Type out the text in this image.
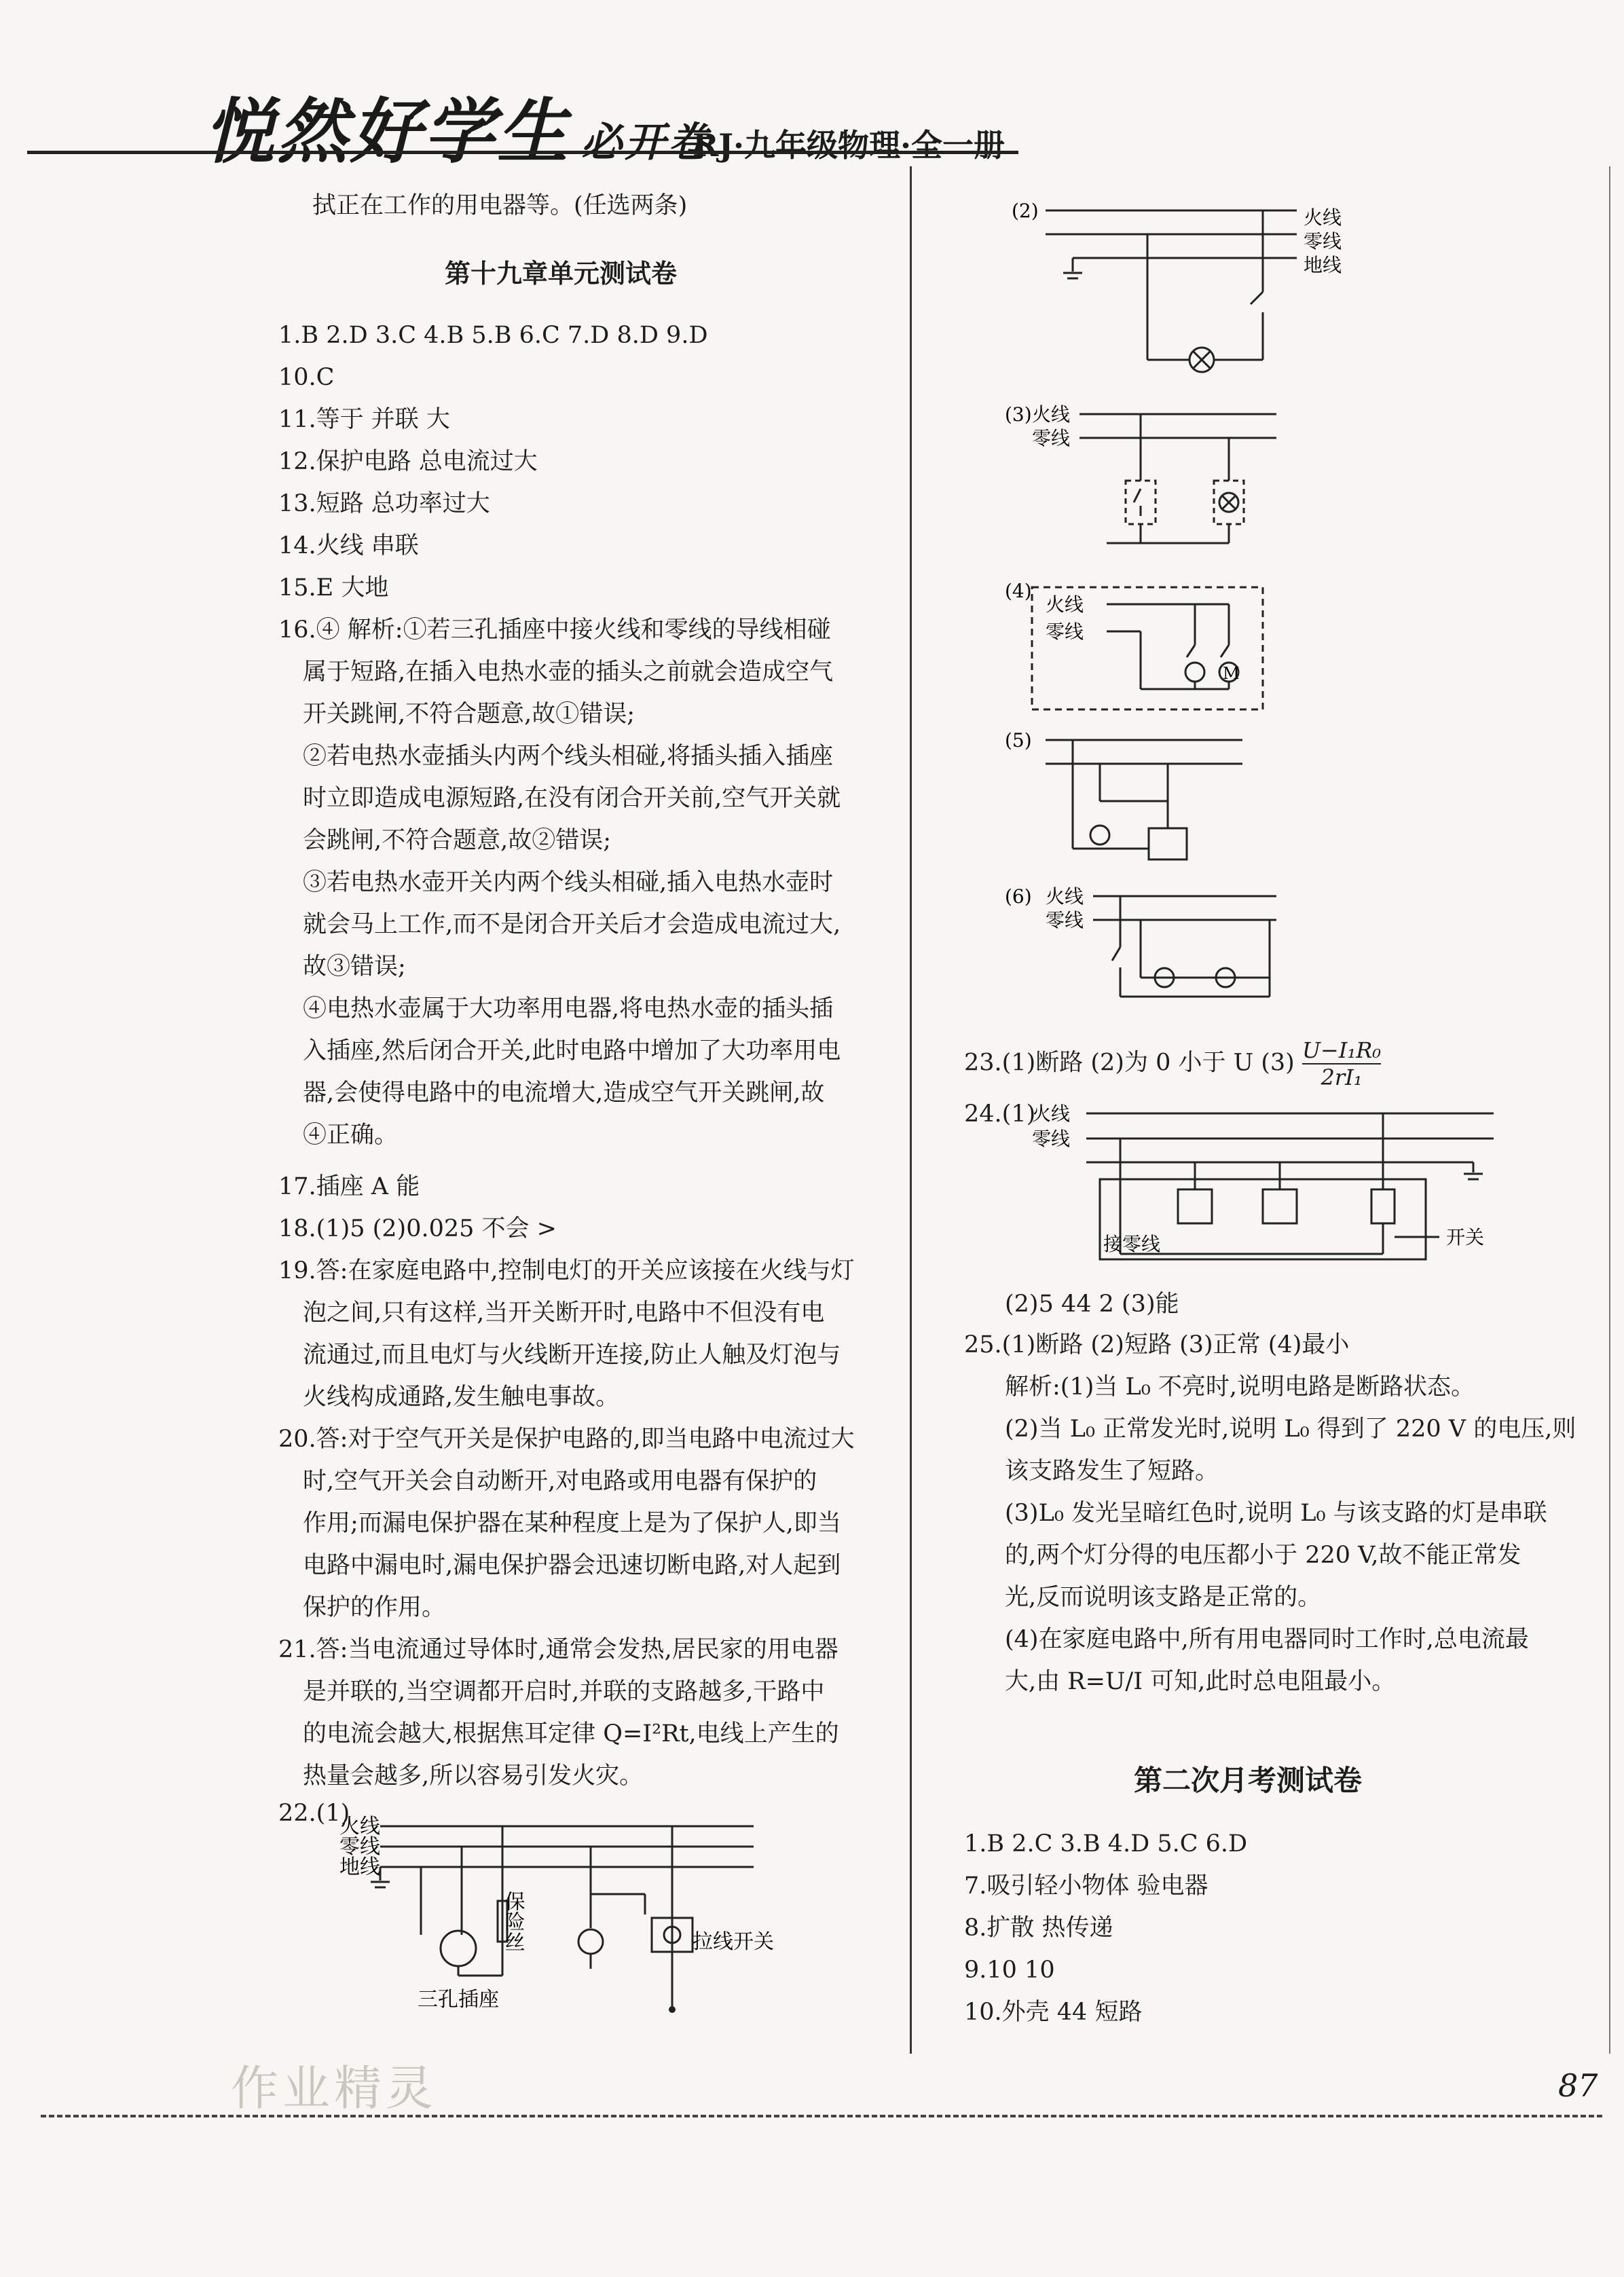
悦然好学生 必开卷
RJ·九年级物理·全一册
拭正在工作的用电器等。(任选两条)
第十九章单元测试卷
1.B 2.D 3.C 4.B 5.B 6.C 7.D 8.D 9.D
10.C
11.等于 并联 大
12.保护电路 总电流过大
13.短路 总功率过大
14.火线 串联
15.E 大地
16.④ 解析:①若三孔插座中接火线和零线的导线相碰
属于短路,在插入电热水壶的插头之前就会造成空气
开关跳闸,不符合题意,故①错误;
②若电热水壶插头内两个线头相碰,将插头插入插座
时立即造成电源短路,在没有闭合开关前,空气开关就
会跳闸,不符合题意,故②错误;
③若电热水壶开关内两个线头相碰,插入电热水壶时
就会马上工作,而不是闭合开关后才会造成电流过大,
故③错误;
④电热水壶属于大功率用电器,将电热水壶的插头插
入插座,然后闭合开关,此时电路中增加了大功率用电
器,会使得电路中的电流增大,造成空气开关跳闸,故
④正确。
17.插座 A 能
18.(1)5 (2)0.025 不会 >
19.答:在家庭电路中,控制电灯的开关应该接在火线与灯
泡之间,只有这样,当开关断开时,电路中不但没有电
流通过,而且电灯与火线断开连接,防止人触及灯泡与
火线构成通路,发生触电事故。
20.答:对于空气开关是保护电路的,即当电路中电流过大
时,空气开关会自动断开,对电路或用电器有保护的
作用;而漏电保护器在某种程度上是为了保护人,即当
电路中漏电时,漏电保护器会迅速切断电路,对人起到
保护的作用。
21.答:当电流通过导体时,通常会发热,居民家的用电器
是并联的,当空调都开启时,并联的支路越多,干路中
的电流会越大,根据焦耳定律 Q=I²Rt,电线上产生的
热量会越多,所以容易引发火灾。
22.(1)
火线
零线
地线
三孔插座
保险丝	拉线开关
(2)	火线
零线
地线
(3) 火线
零线
(4)
火线
零线
M
(5)
(6) 火线
零线
23.(1)断路 (2)为 0 小于 U $(3) \frac{\text{U−I₁R₀}}{\text{2rI₁}}$
24.(1)
火线
零线
接零线	开关
(2)5 44 2 (3)能
25.(1)断路 (2)短路 (3)正常 (4)最小
解析:(1)当 L₀ 不亮时,说明电路是断路状态。
(2)当 L₀ 正常发光时,说明 L₀ 得到了 220 V 的电压,则
该支路发生了短路。
(3)L₀ 发光呈暗红色时,说明 L₀ 与该支路的灯是串联
的,两个灯分得的电压都小于 220 V,故不能正常发
光,反而说明该支路是正常的。
(4)在家庭电路中,所有用电器同时工作时,总电流最
大,由 R=U/I 可知,此时总电阻最小。
第二次月考测试卷
1.B 2.C 3.B 4.D 5.C 6.D
7.吸引轻小物体 验电器
8.扩散 热传递
9.10 10
10.外壳 44 短路
作业精灵	87
